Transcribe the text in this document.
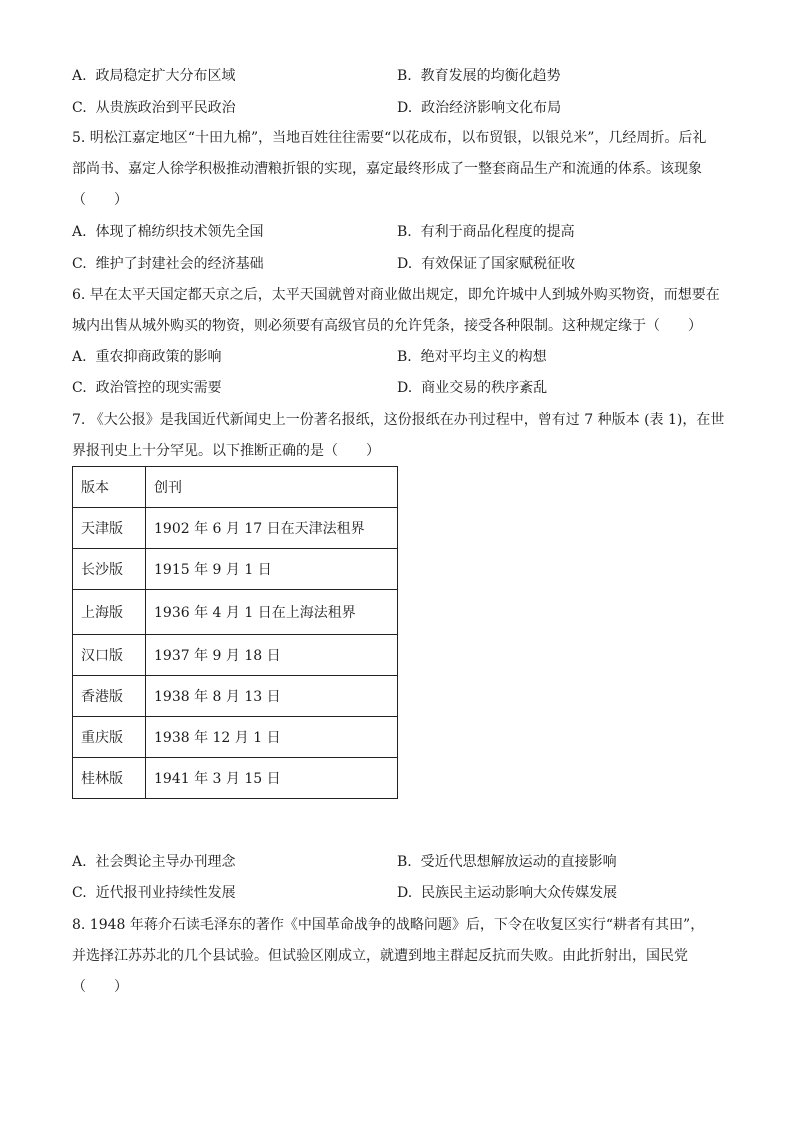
A. 政局稳定扩大分布区域	B. 教育发展的均衡化趋势
C. 从贵族政治到平民政治	D. 政治经济影响文化布局
5. 明松江嘉定地区“十田九棉”，当地百姓往往需要“以花成布，以布贸银，以银兑米”，几经周折。后礼
部尚书、嘉定人徐学积极推动漕粮折银的实现，嘉定最终形成了一整套商品生产和流通的体系。该现象
（　　）
A. 体现了棉纺织技术领先全国	B. 有利于商品化程度的提高
C. 维护了封建社会的经济基础	D. 有效保证了国家赋税征收
6. 早在太平天国定都天京之后，太平天国就曾对商业做出规定，即允许城中人到城外购买物资，而想要在
城内出售从城外购买的物资，则必须要有高级官员的允许凭条，接受各种限制。这种规定缘于（　　）
A. 重农抑商政策的影响	B. 绝对平均主义的构想
C. 政治管控的现实需要	D. 商业交易的秩序紊乱
7. 《大公报》是我国近代新闻史上一份著名报纸，这份报纸在办刊过程中，曾有过 7 种版本 (表 1)，在世
界报刊史上十分罕见。以下推断正确的是（　　）
版本	创刊
天津版	1902 年 6 月 17 日在天津法租界
长沙版	1915 年 9 月 1 日
上海版	1936 年 4 月 1 日在上海法租界
汉口版	1937 年 9 月 18 日
香港版	1938 年 8 月 13 日
重庆版	1938 年 12 月 1 日
桂林版	1941 年 3 月 15 日
A. 社会舆论主导办刊理念	B. 受近代思想解放运动的直接影响
C. 近代报刊业持续性发展	D. 民族民主运动影响大众传媒发展
8. 1948 年蒋介石读毛泽东的著作《中国革命战争的战略问题》后，下令在收复区实行“耕者有其田”，
并选择江苏苏北的几个县试验。但试验区刚成立，就遭到地主群起反抗而失败。由此折射出，国民党
（　　）
